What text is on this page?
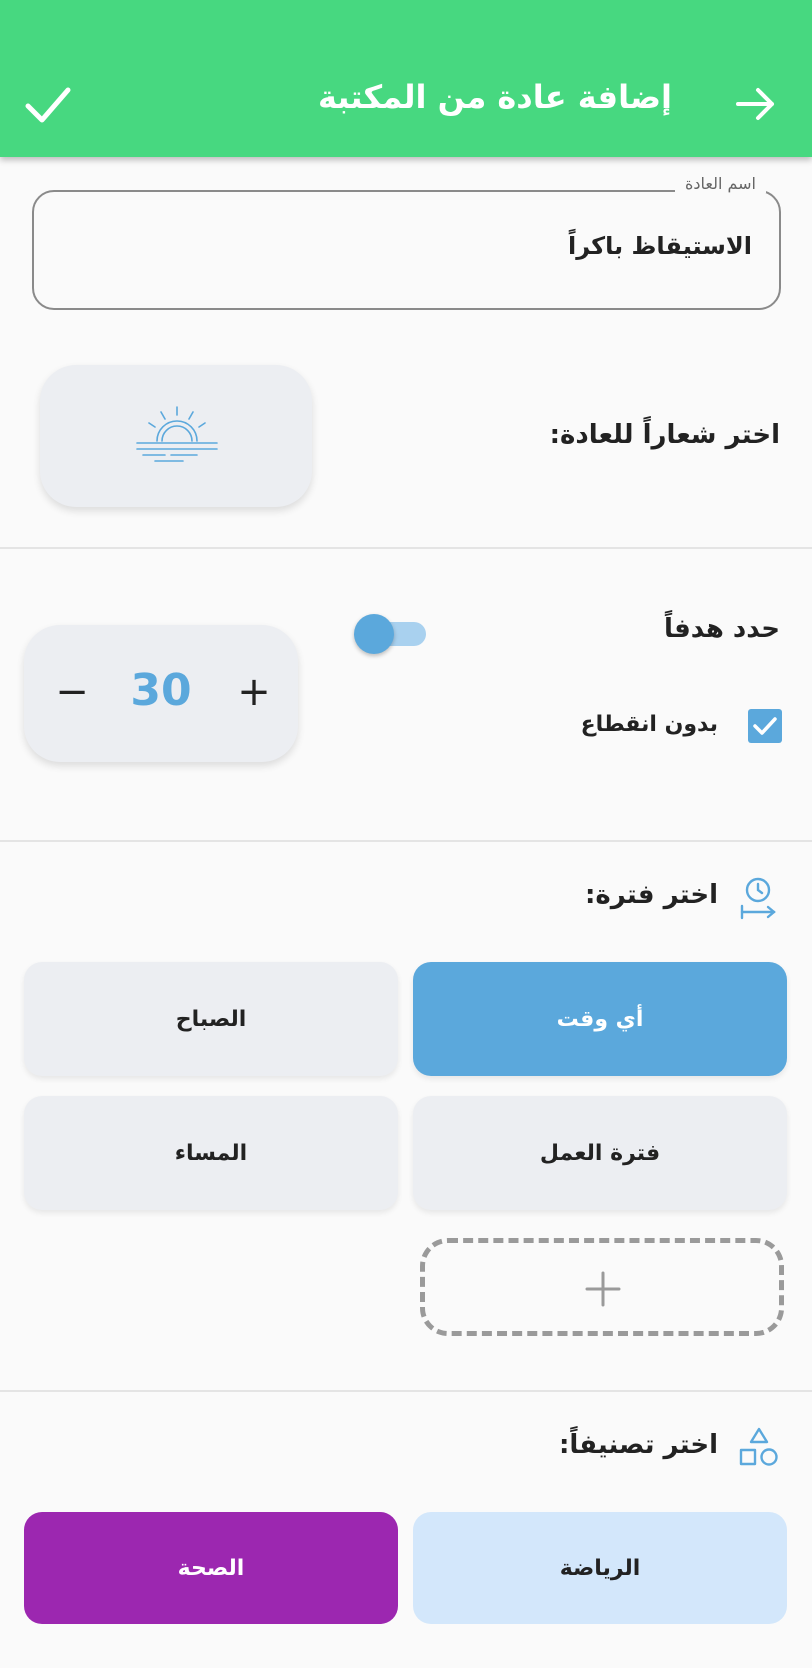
إضافة عادة من المكتبة
اسم العادة
الاستيقاظ باكراً
اختر شعاراً للعادة:
حدد هدفاً
− 30	+
بدون انقطاع
اختر فترة:
أي وقت
الصباح
فترة العمل
المساء
اختر تصنيفاً:
الرياضة
الصحة
